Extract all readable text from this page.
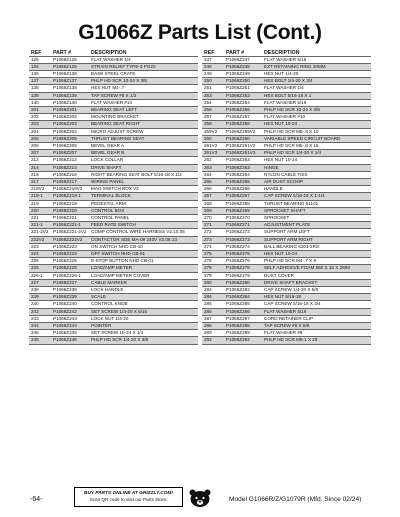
G1066Z Parts List (Cont.)
REF	PART #	DESCRIPTION
125	P1066Z125	FLAT WASHER 1/4
126	P1066Z126	STRAIN RELIEF TYPE-3 PG20
136	P1066Z136	BASE STEEL CRATE
137	P1066Z137	PHLP HD SCR 10-24 X 3/8
138	P1066Z138	HEX NUT M4-.7
139	P1066Z139	TAP SCREW #8 X 1/2
140	P1066Z140	FLAT WASHER #10
201	P1066Z201	BEARING SEAT LEFT
202	P1066Z202	MOUNTING BRACKET
203	P1066Z203	BEARING SEAT RIGHT
204	P1066Z204	MICRO ADJUST SCREW
205	P1066Z205	THRUST BEARING SEAT
206	P1066Z206	BEVEL GEAR A
207	P1066Z207	BEVEL GEAR B
212	P1066Z212	LOCK COLLAR
214	P1066Z214	DRIVE SHAFT
216	P1066Z216	RIGHT BEARING SEAT BOLT 5/16-18 X 1/2
217	P1066Z217	WIRING PANEL
218V2	P1066Z218V2	MAG SWITCH BOX V2
218-1	P1066Z218-1	TERMINAL BLOCK
219	P1066Z219	PEDESTAL ARM
220	P1066Z220	CONTROL BOX
221	P1066Z221	CONTROL PANEL
221-1	P1066Z221-1	FEED RATE SWITCH
221-2V2	P1066Z221-2V2	COMP CONTROL WIRE HARNESS V2.10.08
222V2	P1066Z222V2	CONTACTOR SDE MA-09 240V V2.06.13
223	P1066Z223	ON SWITCH NHD CB-10
224	P1066Z224	OFF SWITCH NHD CB-01
225	P1066Z225	E-STOP BUTTON NHD CB-01
226	P1066Z226	LOAD/AMP METER
226-1	P1066Z226-1	LOAD/AMP METER COVER
227	P1066Z227	CABLE MARKER
238	P1066Z238	LOCK HANDLE
239	P1066Z239	SCALE
240	P1066Z240	CONTROL KNOB
242	P1066Z242	SET SCREW 1/4-20 X 5/16
243	P1066Z243	LOCK NUT 1/4-20
244	P1066Z244	POINTER
245	P1066Z245	SET SCREW 10-24 X 1/4
246	P1066Z246	PHLP HD SCR 1/4-20 X 3/8
REF	PART #	DESCRIPTION
247	P1066Z247	FLAT WASHER 5/16
248	P1066Z248	EXT RETAINING RING 20MM
249	P1066Z249	HEX NUT 1/4-20
250	P1066Z250	HEX BOLT 1/4-20 X 3/4
251	P1066Z251	FLAT WASHER 1/4
253	P1066Z253	HEX BOLT 5/16-18 X 1
254	P1066Z254	FLAT WASHER 5/16
256	P1066Z256	PHLP HD SCR 10-24 X 3/8
257	P1066Z257	FLAT WASHER #10
258	P1066Z258	HEX NUT 10-24
259V2	P1066Z259V2	PHLP HD SCR M5-.8 X 10
260	P1066Z260	VARIABLE SPEED CIRCUIT BOARD
261V2	P1066Z261V2	PHLP HD SCR M5-.8 X 15
261V3	P1066Z261V3	PHLP HD SCR 1/4-20 X 1/4
262	P1066Z262	HEX NUT 10-24
263	P1066Z263	HINGE
264	P1066Z264	NYLON CABLE TIES
265	P1066Z265	AIR DUST SCOOP
266	P1066Z266	HANDLE
267	P1066Z267	CAP SCREW 5/16-18 X 1-1/4
268	P1066Z268	THRUST BEARING 51101
269	P1066Z269	SPROCKET SHAFT
270	P1066Z270	SPROCKET
271	P1066Z271	ADJUSTMENT PLATE
272	P1066Z272	SUPPORT ARM LEFT
273	P1066Z273	SUPPORT ARM RIGHT
274	P1066Z274	BALL BEARING 6201-2RS
275	P1066Z275	HEX NUT 10-24
276	P1066Z276	PHLP HD SCR M4-.7 X 8
278	P1066Z278	SELF ADHESIVE FOAM 660 X 15 X 2MM
279	P1066Z279	DUST COVER
280	P1066Z280	DRIVE SHAFT BRACKET
282	P1066Z282	CAP SCREW 1/4-20 X 5/8
284	P1066Z284	HEX NUT 5/16-18
285	P1066Z285	CAP SCREW 5/16-18 X 3/4
286	P1066Z286	FLAT WASHER 5/16
287	P1066Z287	CORD RETAINER CLIP
288	P1066Z288	TAP SCREW #8 X 5/8
289	P1066Z289	FLAT WASHER #8
292	P1066Z292	PHLP HD SCR M6-1 X 20
-64-
BUY PARTS ONLINE AT GRIZZLY.COM!
Scan QR code to visit our Parts Store.	Model G1066R/Z/G1079R (Mfd. Since 02/24)
